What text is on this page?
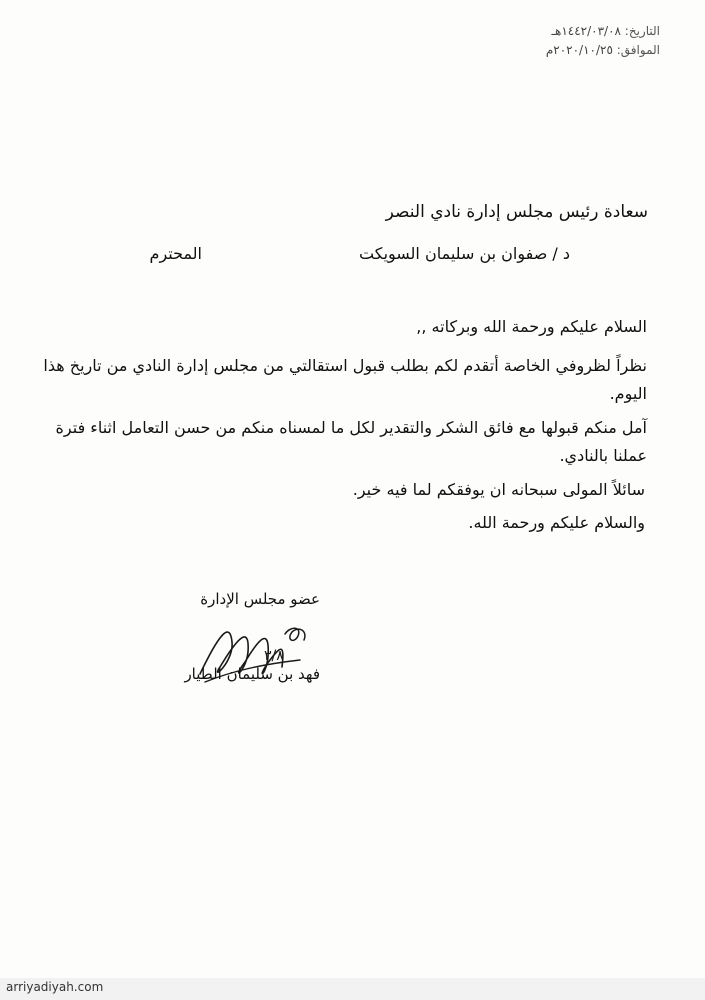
التاريخ: ١٤٤٢/٠٣/٠٨هـ
الموافق: ٢٠٢٠/١٠/٢٥م
سعادة رئيس مجلس إدارة نادي النصر
د / صفوان بن سليمان السويكت
المحترم
السلام عليكم ورحمة الله وبركاته ,,
نظراً لظروفي الخاصة أتقدم لكم بطلب قبول استقالتي من مجلس إدارة النادي من تاريخ هذا اليوم.
آمل منكم قبولها مع فائق الشكر والتقدير لكل ما لمسناه منكم من حسن التعامل اثناء فترة عملنا بالنادي.
سائلاً المولى سبحانه ان يوفقكم لما فيه خير.
والسلام عليكم ورحمة الله.
عضو مجلس الإدارة
٣/٨
فهد بن سليمان الطيار
arriyadiyah.com
